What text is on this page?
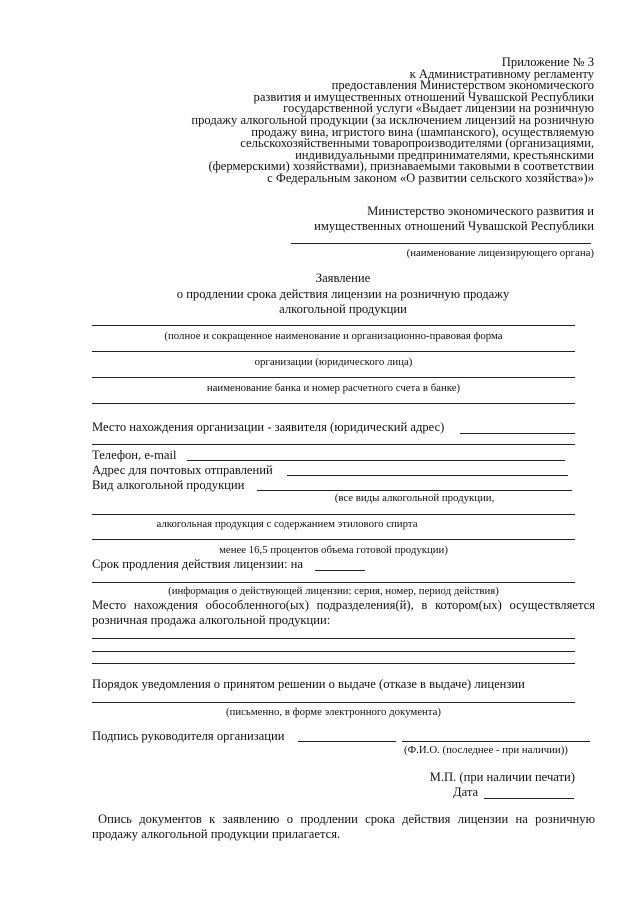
Приложение № 3
к Административному регламенту
предоставления Министерством экономического
развития и имущественных отношений Чувашской Республики
государственной услуги «Выдает лицензии на розничную
продажу алкогольной продукции (за исключением лицензий на розничную
продажу вина, игристого вина (шампанского), осуществляемую
сельскохозяйственными товаропроизводителями (организациями,
индивидуальными предпринимателями, крестьянскими
(фермерскими) хозяйствами), признаваемыми таковыми в соответствии
с Федеральным законом «О развитии сельского хозяйства»)»
Министерство экономического развития и
имущественных отношений Чувашской Республики
(наименование лицензирующего органа)
Заявление
о продлении срока действия лицензии на розничную продажу
алкогольной продукции
(полное и сокращенное наименование и организационно-правовая форма
организации (юридического лица)
наименование банка и номер расчетного счета в банке)
Место нахождения организации - заявителя (юридический адрес)
Телефон, e-mail
Адрес для почтовых отправлений
Вид алкогольной продукции
(все виды алкогольной продукции,
алкогольная продукция с содержанием этилового спирта
менее 16,5 процентов объема готовой продукции)
Срок продления действия лицензии: на
(информация о действующей лицензии: серия, номер, период действия)
Место нахождения обособленного(ых) подразделения(й), в котором(ых) осуществляется розничная продажа алкогольной продукции:
Порядок уведомления о принятом решении о выдаче (отказе в выдаче) лицензии
(письменно, в форме электронного документа)
Подпись руководителя организации
(Ф.И.О. (последнее - при наличии))
М.П. (при наличии печати)
Дата
Опись документов к заявлению о продлении срока действия лицензии на розничную продажу алкогольной продукции прилагается.
